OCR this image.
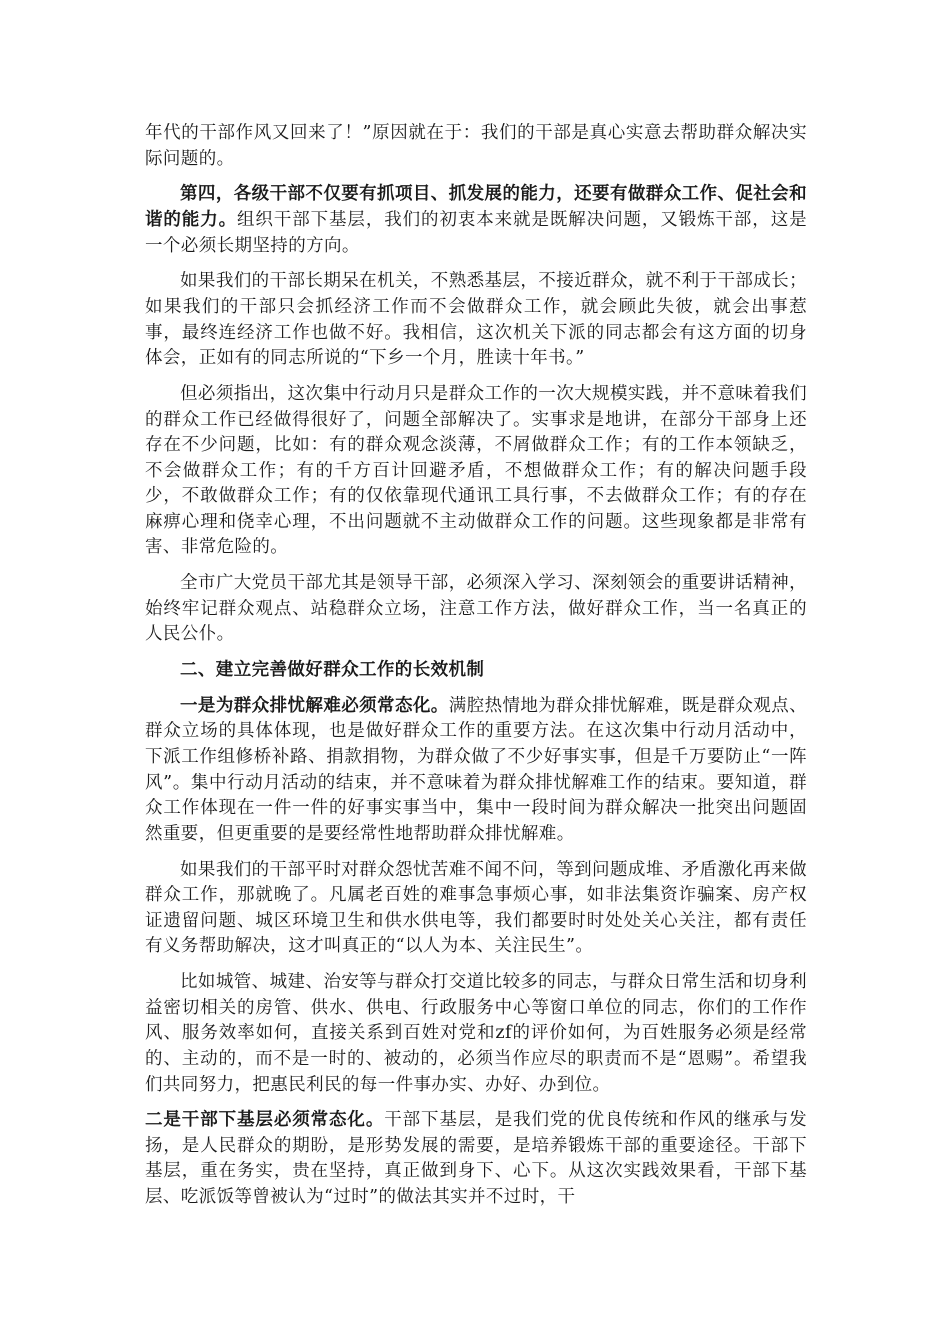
年代的干部作风又回来了！”原因就在于：我们的干部是真心实意去帮助群众解决实际问题的。

第四，各级干部不仅要有抓项目、抓发展的能力，还要有做群众工作、促社会和谐的能力。组织干部下基层，我们的初衷本来就是既解决问题，又锻炼干部，这是一个必须长期坚持的方向。

如果我们的干部长期呆在机关，不熟悉基层，不接近群众，就不利于干部成长；如果我们的干部只会抓经济工作而不会做群众工作，就会顾此失彼，就会出事惹事，最终连经济工作也做不好。我相信，这次机关下派的同志都会有这方面的切身体会，正如有的同志所说的“下乡一个月，胜读十年书。”

但必须指出，这次集中行动月只是群众工作的一次大规模实践，并不意味着我们的群众工作已经做得很好了，问题全部解决了。实事求是地讲，在部分干部身上还存在不少问题，比如：有的群众观念淡薄，不屑做群众工作；有的工作本领缺乏，不会做群众工作；有的千方百计回避矛盾，不想做群众工作；有的解决问题手段少，不敢做群众工作；有的仅依靠现代通讯工具行事，不去做群众工作；有的存在麻痹心理和侥幸心理，不出问题就不主动做群众工作的问题。这些现象都是非常有害、非常危险的。

全市广大党员干部尤其是领导干部，必须深入学习、深刻领会的重要讲话精神，始终牢记群众观点、站稳群众立场，注意工作方法，做好群众工作，当一名真正的人民公仆。

二、建立完善做好群众工作的长效机制

一是为群众排忧解难必须常态化。满腔热情地为群众排忧解难，既是群众观点、群众立场的具体体现，也是做好群众工作的重要方法。在这次集中行动月活动中，下派工作组修桥补路、捐款捐物，为群众做了不少好事实事，但是千万要防止“一阵风”。集中行动月活动的结束，并不意味着为群众排忧解难工作的结束。要知道，群众工作体现在一件一件的好事实事当中，集中一段时间为群众解决一批突出问题固然重要，但更重要的是要经常性地帮助群众排忧解难。

如果我们的干部平时对群众怨忧苦难不闻不问，等到问题成堆、矛盾激化再来做群众工作，那就晚了。凡属老百姓的难事急事烦心事，如非法集资诈骗案、房产权证遗留问题、城区环境卫生和供水供电等，我们都要时时处处关心关注，都有责任有义务帮助解决，这才叫真正的“以人为本、关注民生”。

比如城管、城建、治安等与群众打交道比较多的同志，与群众日常生活和切身利益密切相关的房管、供水、供电、行政服务中心等窗口单位的同志，你们的工作作风、服务效率如何，直接关系到百姓对党和zf的评价如何，为百姓服务必须是经常的、主动的，而不是一时的、被动的，必须当作应尽的职责而不是“恩赐”。希望我们共同努力，把惠民利民的每一件事办实、办好、办到位。

二是干部下基层必须常态化。干部下基层，是我们党的优良传统和作风的继承与发扬，是人民群众的期盼，是形势发展的需要，是培养锻炼干部的重要途径。干部下基层，重在务实，贵在坚持，真正做到身下、心下。从这次实践效果看，干部下基层、吃派饭等曾被认为“过时”的做法其实并不过时，干
